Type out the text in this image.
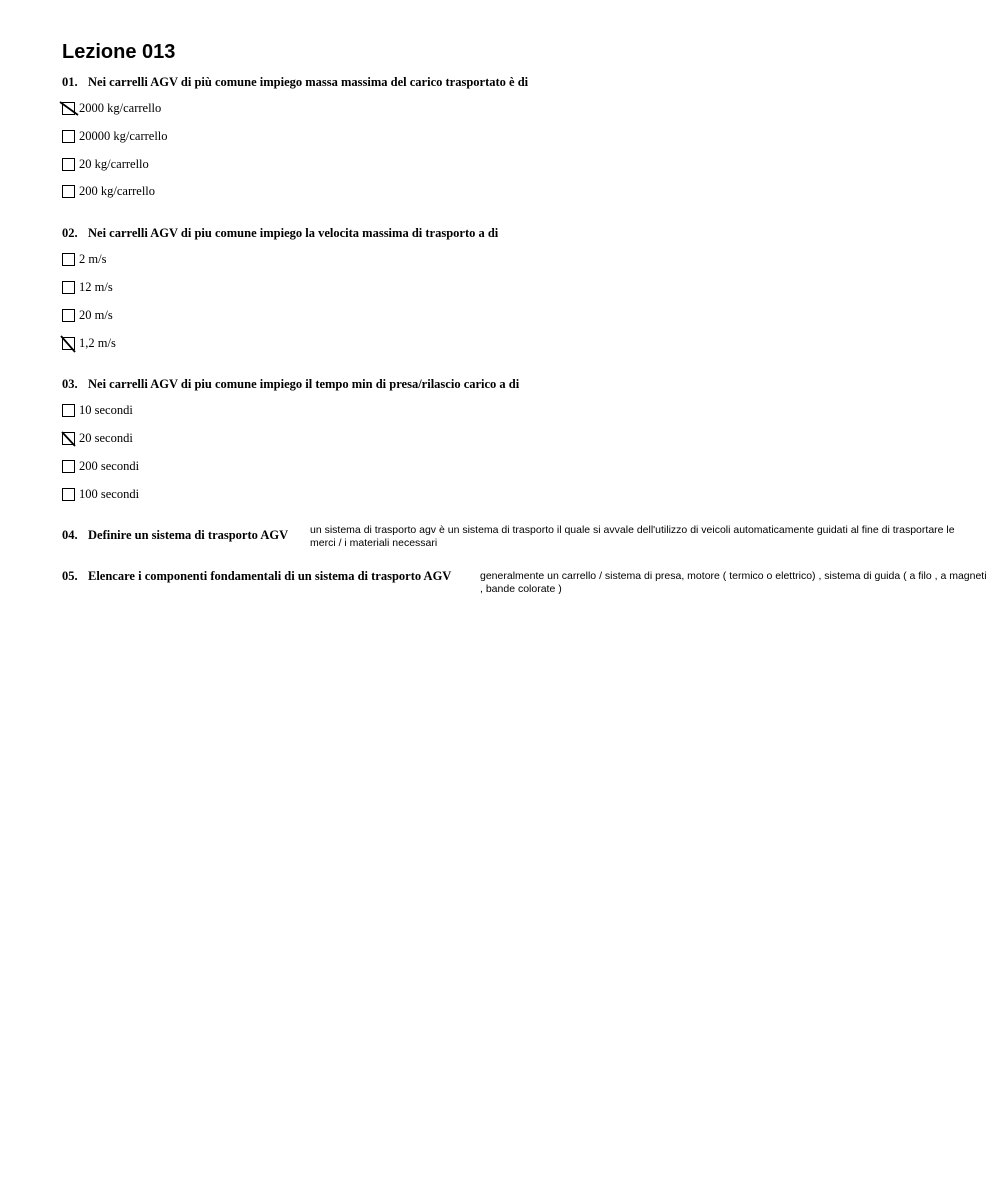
Lezione 013
01. Nei carrelli AGV di più comune impiego massa massima del carico trasportato è di
2000 kg/carrello
20000 kg/carrello
20 kg/carrello
200 kg/carrello
02. Nei carrelli AGV di piu comune impiego la velocita massima di trasporto a di
2 m/s
12 m/s
20 m/s
1,2 m/s
03. Nei carrelli AGV di piu comune impiego il tempo min di presa/rilascio carico a di
10 secondi
20 secondi
200 secondi
100 secondi
04. Definire un sistema di trasporto AGV un sistema di trasporto agv è un sistema di trasporto il quale si avvale dell'utilizzo di veicoli automaticamente guidati al fine di trasportare le merci / i materiali necessari
05. Elencare i componenti fondamentali di un sistema di trasporto AGV	generalmente un carrello / sistema di presa, motore ( termico o elettrico) , sistema di guida ( a filo , a magneti , bande colorate )
